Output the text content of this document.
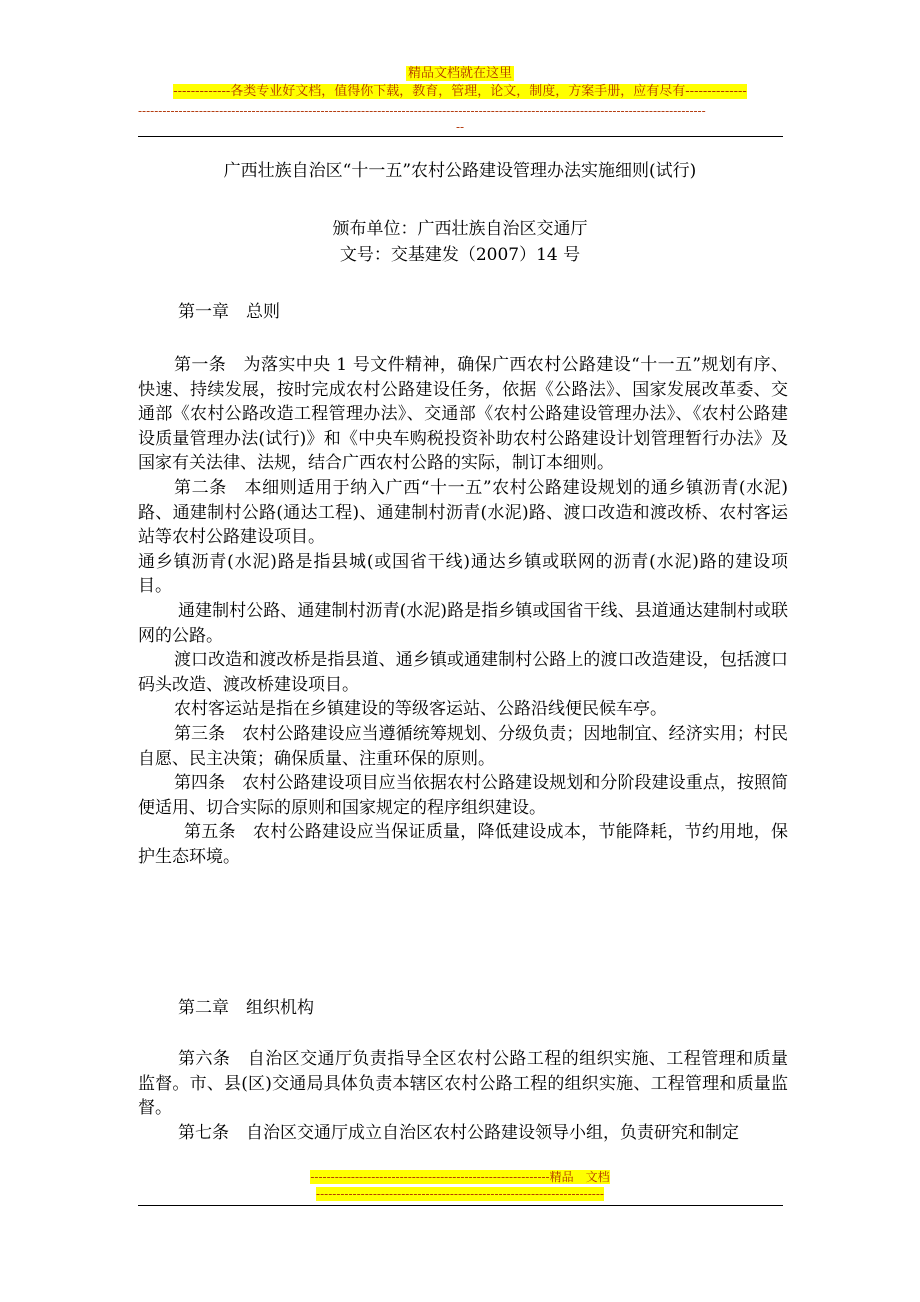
精品文档就在这里
-------------各类专业好文档，值得你下载，教育，管理，论文，制度，方案手册，应有尽有--------------
--------------------------------------------------------------------------------------------------------------------------------------------
--
广西壮族自治区“十一五”农村公路建设管理办法实施细则(试行)
颁布单位：广西壮族自治区交通厅
文号：交基建发（2007）14 号
第一章　总则

第一条　为落实中央 1 号文件精神，确保广西农村公路建设“十一五”规划有序、快速、持续发展，按时完成农村公路建设任务，依据《公路法》、国家发展改革委、交通部《农村公路改造工程管理办法》、交通部《农村公路建设管理办法》、《农村公路建设质量管理办法(试行)》和《中央车购税投资补助农村公路建设计划管理暂行办法》及国家有关法律、法规，结合广西农村公路的实际，制订本细则。

第二条　本细则适用于纳入广西“十一五”农村公路建设规划的通乡镇沥青(水泥)路、通建制村公路(通达工程)、通建制村沥青(水泥)路、渡口改造和渡改桥、农村客运站等农村公路建设项目。

通乡镇沥青(水泥)路是指县城(或国省干线)通达乡镇或联网的沥青(水泥)路的建设项目。

通建制村公路、通建制村沥青(水泥)路是指乡镇或国省干线、县道通达建制村或联网的公路。

渡口改造和渡改桥是指县道、通乡镇或通建制村公路上的渡口改造建设，包括渡口码头改造、渡改桥建设项目。

农村客运站是指在乡镇建设的等级客运站、公路沿线便民候车亭。

第三条　农村公路建设应当遵循统筹规划、分级负责；因地制宜、经济实用；村民自愿、民主决策；确保质量、注重环保的原则。

第四条　农村公路建设项目应当依据农村公路建设规划和分阶段建设重点，按照简便适用、切合实际的原则和国家规定的程序组织建设。

第五条　农村公路建设应当保证质量，降低建设成本，节能降耗，节约用地，保护生态环境。

第二章　组织机构

第六条　自治区交通厅负责指导全区农村公路工程的组织实施、工程管理和质量监督。市、县(区)交通局具体负责本辖区农村公路工程的组织实施、工程管理和质量监督。

第七条　自治区交通厅成立自治区农村公路建设领导小组，负责研究和制定

-----------------------------------------------------------精品　文档
-----------------------------------------------------------------------
